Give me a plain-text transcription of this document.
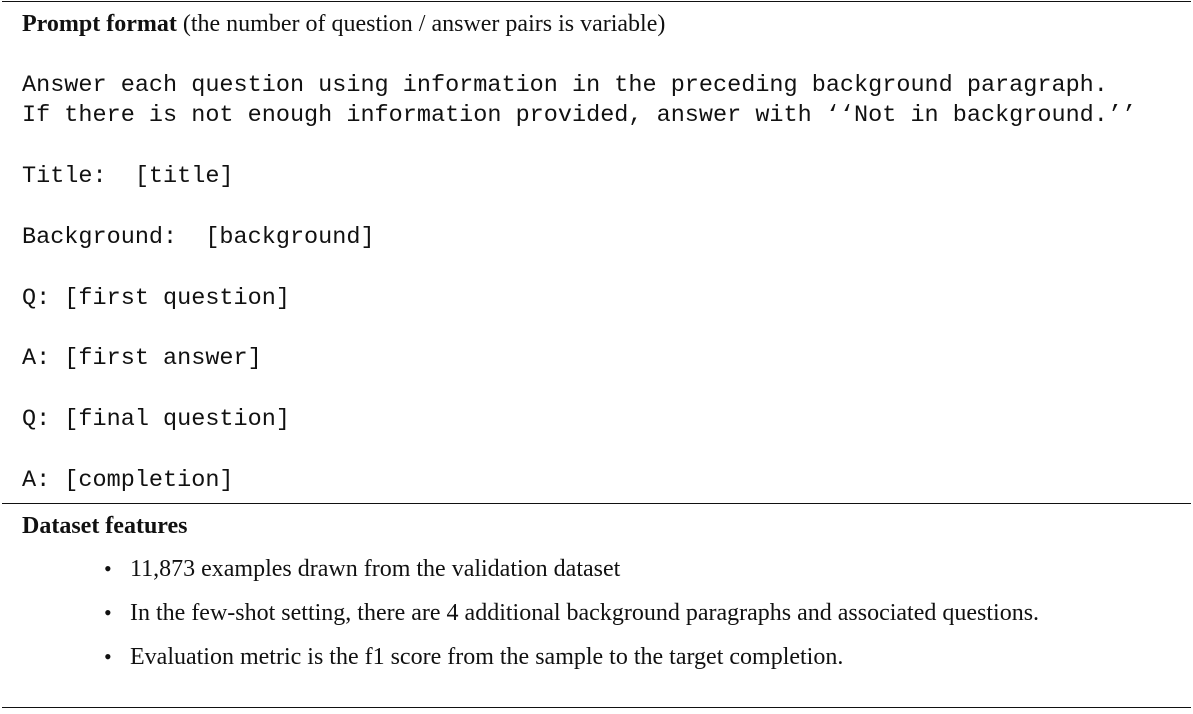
Prompt format (the number of question / answer pairs is variable)
Answer each question using information in the preceding background paragraph.
If there is not enough information provided, answer with ‘‘Not in background.’’
Title:  [title]
Background:  [background]
Q: [first question]
A: [first answer]
Q: [final question]
A: [completion]
Dataset features
• 11,873 examples drawn from the validation dataset
• In the few-shot setting, there are 4 additional background paragraphs and associated questions.
• Evaluation metric is the f1 score from the sample to the target completion.
